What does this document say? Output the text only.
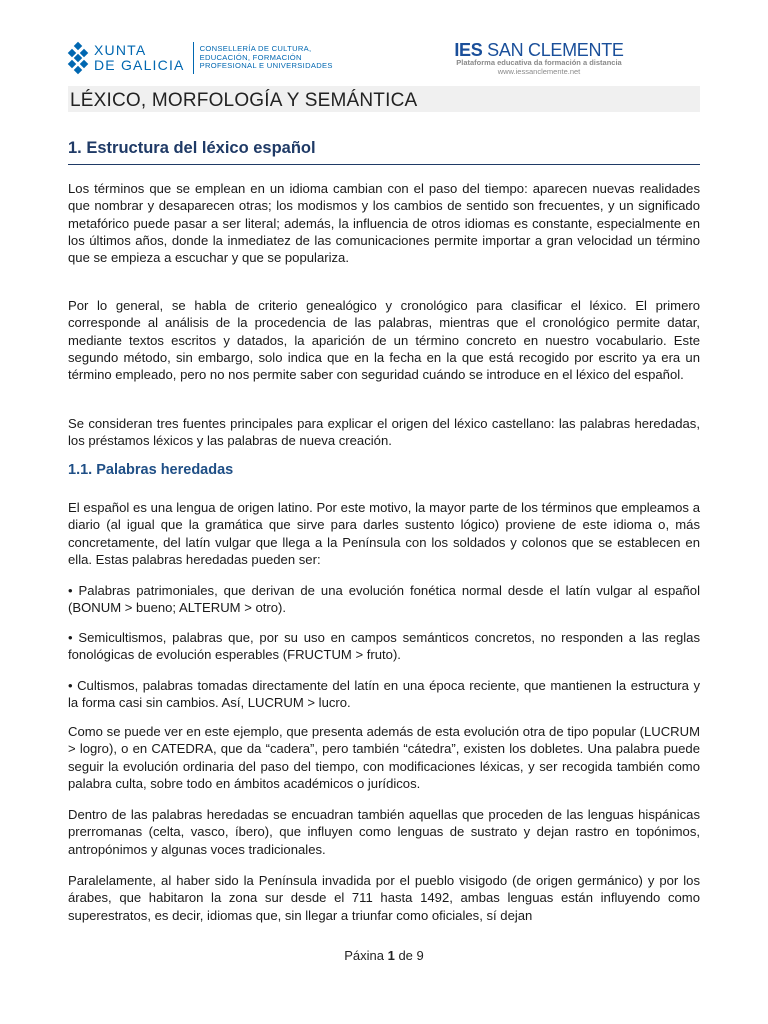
XUNTA
DE GALICIA
CONSELLERÍA DE CULTURA,
EDUCACIÓN, FORMACIÓN
PROFESIONAL E UNIVERSIDADES
IES SAN CLEMENTE
Plataforma educativa da formación a distancia
www.iessanclemente.net
LÉXICO, MORFOLOGÍA Y SEMÁNTICA
1. Estructura del léxico español

Los términos que se emplean en un idioma cambian con el paso del tiempo: aparecen nuevas realidades que nombrar y desaparecen otras; los modismos y los cambios de sentido son frecuentes, y un significado metafórico puede pasar a ser literal; además, la influencia de otros idiomas es constante, especialmente en los últimos años, donde la inmediatez de las comunicaciones permite importar a gran velocidad un término que se empieza a escuchar y que se populariza.

Por lo general, se habla de criterio genealógico y cronológico para clasificar el léxico. El primero corresponde al análisis de la procedencia de las palabras, mientras que el cronológico permite datar, mediante textos escritos y datados, la aparición de un término concreto en nuestro vocabulario. Este segundo método, sin embargo, solo indica que en la fecha en la que está recogido por escrito ya era un término empleado, pero no nos permite saber con seguridad cuándo se introduce en el léxico del español.

Se consideran tres fuentes principales para explicar el origen del léxico castellano: las palabras heredadas, los préstamos léxicos y las palabras de nueva creación.

1.1. Palabras heredadas

El español es una lengua de origen latino. Por este motivo, la mayor parte de los términos que empleamos a diario (al igual que la gramática que sirve para darles sustento lógico) proviene de este idioma o, más concretamente, del latín vulgar que llega a la Península con los soldados y colonos que se establecen en ella. Estas palabras heredadas pueden ser:

• Palabras patrimoniales, que derivan de una evolución fonética normal desde el latín vulgar al español (BONUM > bueno; ALTERUM > otro).

• Semicultismos, palabras que, por su uso en campos semánticos concretos, no responden a las reglas fonológicas de evolución esperables (FRUCTUM > fruto).

• Cultismos, palabras tomadas directamente del latín en una época reciente, que mantienen la estructura y la forma casi sin cambios. Así, LUCRUM > lucro.

Como se puede ver en este ejemplo, que presenta además de esta evolución otra de tipo popular (LUCRUM > logro), o en CATEDRA, que da “cadera”, pero también “cátedra”, existen los dobletes. Una palabra puede seguir la evolución ordinaria del paso del tiempo, con modificaciones léxicas, y ser recogida también como palabra culta, sobre todo en ámbitos académicos o jurídicos.

Dentro de las palabras heredadas se encuadran también aquellas que proceden de las lenguas hispánicas prerromanas (celta, vasco, íbero), que influyen como lenguas de sustrato y dejan rastro en topónimos, antropónimos y algunas voces tradicionales.

Paralelamente, al haber sido la Península invadida por el pueblo visigodo (de origen germánico) y por los árabes, que habitaron la zona sur desde el 711 hasta 1492, ambas lenguas están influyendo como superestratos, es decir, idiomas que, sin llegar a triunfar como oficiales, sí dejan

Páxina 1 de 9
